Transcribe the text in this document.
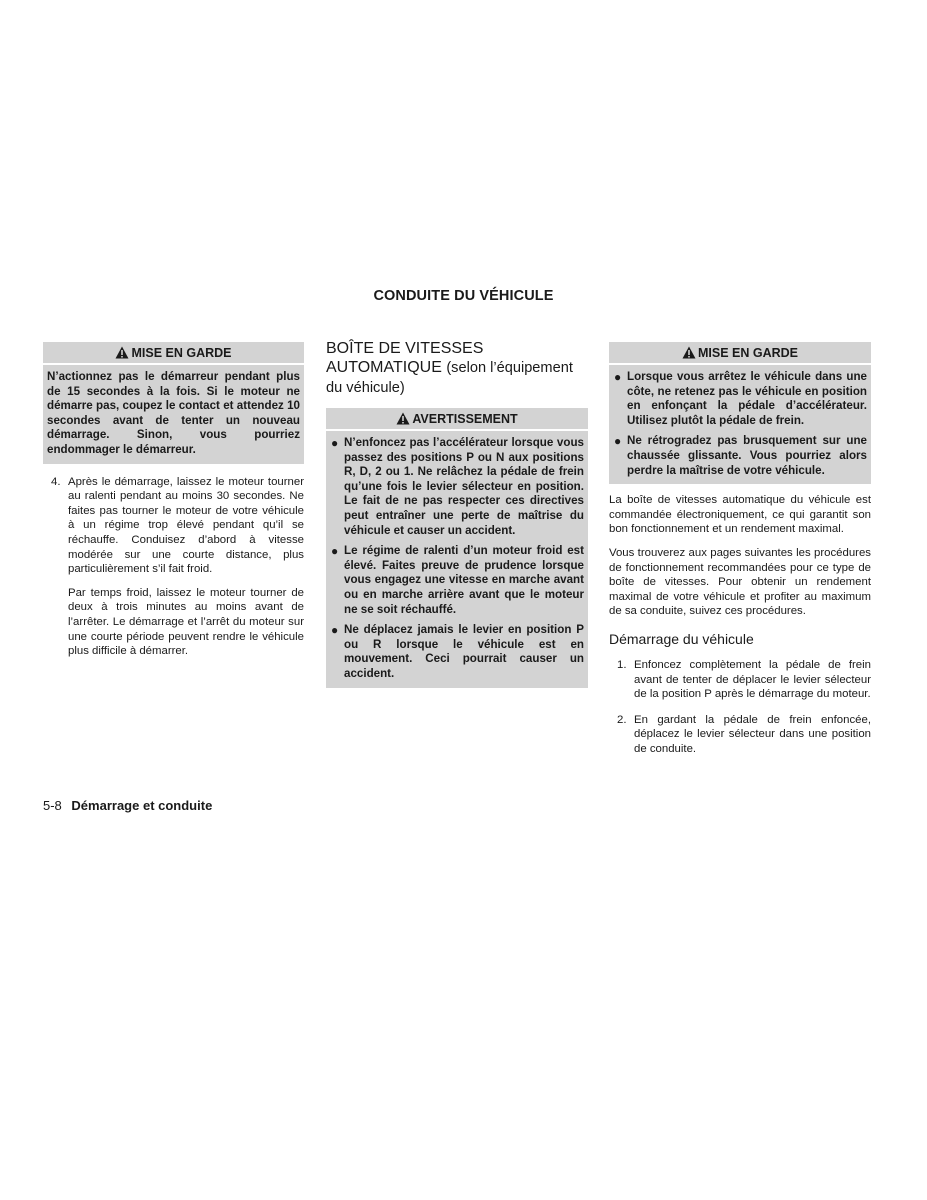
CONDUITE DU VÉHICULE
MISE EN GARDE
N’actionnez pas le démarreur pendant plus de 15 secondes à la fois. Si le moteur ne démarre pas, coupez le contact et attendez 10 secondes avant de tenter un nouveau démarrage. Sinon, vous pourriez endommager le démarreur.
4. Après le démarrage, laissez le moteur tourner au ralenti pendant au moins 30 secondes. Ne faites pas tourner le moteur de votre véhicule à un régime trop élevé pendant qu’il se réchauffe. Conduisez d’abord à vitesse modérée sur une courte distance, plus particulièrement s’il fait froid.
Par temps froid, laissez le moteur tourner de deux à trois minutes au moins avant de l’arrêter. Le démarrage et l’arrêt du moteur sur une courte période peuvent rendre le véhicule plus difficile à démarrer.
BOÎTE DE VITESSES AUTOMATIQUE (selon l’équipement du véhicule)
AVERTISSEMENT
● N’enfoncez pas l’accélérateur lorsque vous passez des positions P ou N aux positions R, D, 2 ou 1. Ne relâchez la pédale de frein qu’une fois le levier sélecteur en position. Le fait de ne pas respecter ces directives peut entraîner une perte de maîtrise du véhicule et causer un accident.
● Le régime de ralenti d’un moteur froid est élevé. Faites preuve de prudence lorsque vous engagez une vitesse en marche avant ou en marche arrière avant que le moteur ne se soit réchauffé.
● Ne déplacez jamais le levier en position P ou R lorsque le véhicule est en mouvement. Ceci pourrait causer un accident.
MISE EN GARDE
● Lorsque vous arrêtez le véhicule dans une côte, ne retenez pas le véhicule en position en enfonçant la pédale d’accélérateur. Utilisez plutôt la pédale de frein.
● Ne rétrogradez pas brusquement sur une chaussée glissante. Vous pourriez alors perdre la maîtrise de votre véhicule.
La boîte de vitesses automatique du véhicule est commandée électroniquement, ce qui garantit son bon fonctionnement et un rendement maximal.
Vous trouverez aux pages suivantes les procédures de fonctionnement recommandées pour ce type de boîte de vitesses. Pour obtenir un rendement maximal de votre véhicule et profiter au maximum de sa conduite, suivez ces procédures.
Démarrage du véhicule
1. Enfoncez complètement la pédale de frein avant de tenter de déplacer le levier sélecteur de la position P après le démarrage du moteur.
2. En gardant la pédale de frein enfoncée, déplacez le levier sélecteur dans une position de conduite.
5-8 Démarrage et conduite
